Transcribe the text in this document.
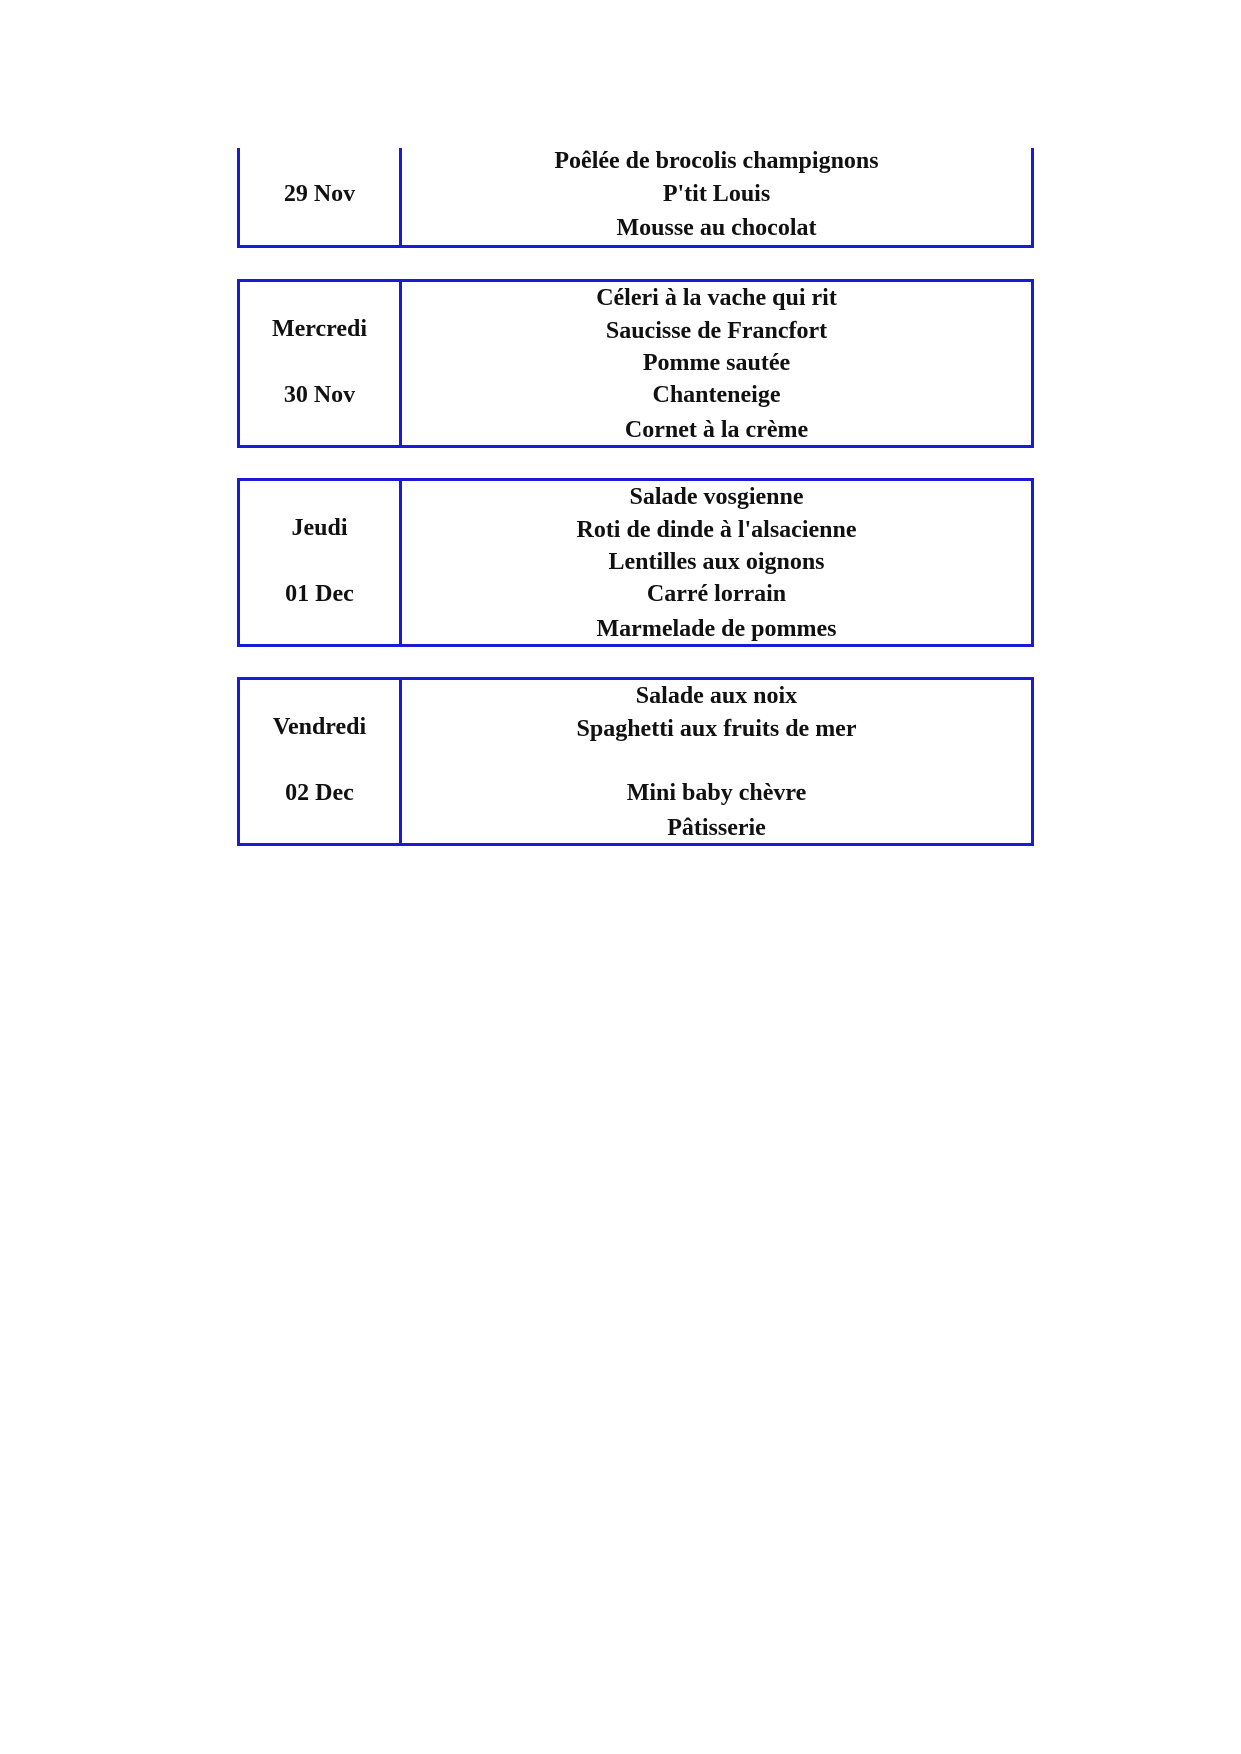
29 Nov
Poêlée de brocolis champignons
P'tit Louis
Mousse au chocolat
Mercredi
30 Nov
Céleri à la vache qui rit
Saucisse de Francfort
Pomme sautée
Chanteneige
Cornet à la crème
Jeudi
01 Dec
Salade vosgienne
Roti de dinde à l'alsacienne
Lentilles aux oignons
Carré lorrain
Marmelade de pommes
Vendredi
02 Dec
Salade aux noix
Spaghetti aux fruits de mer
Mini baby chèvre
Pâtisserie
